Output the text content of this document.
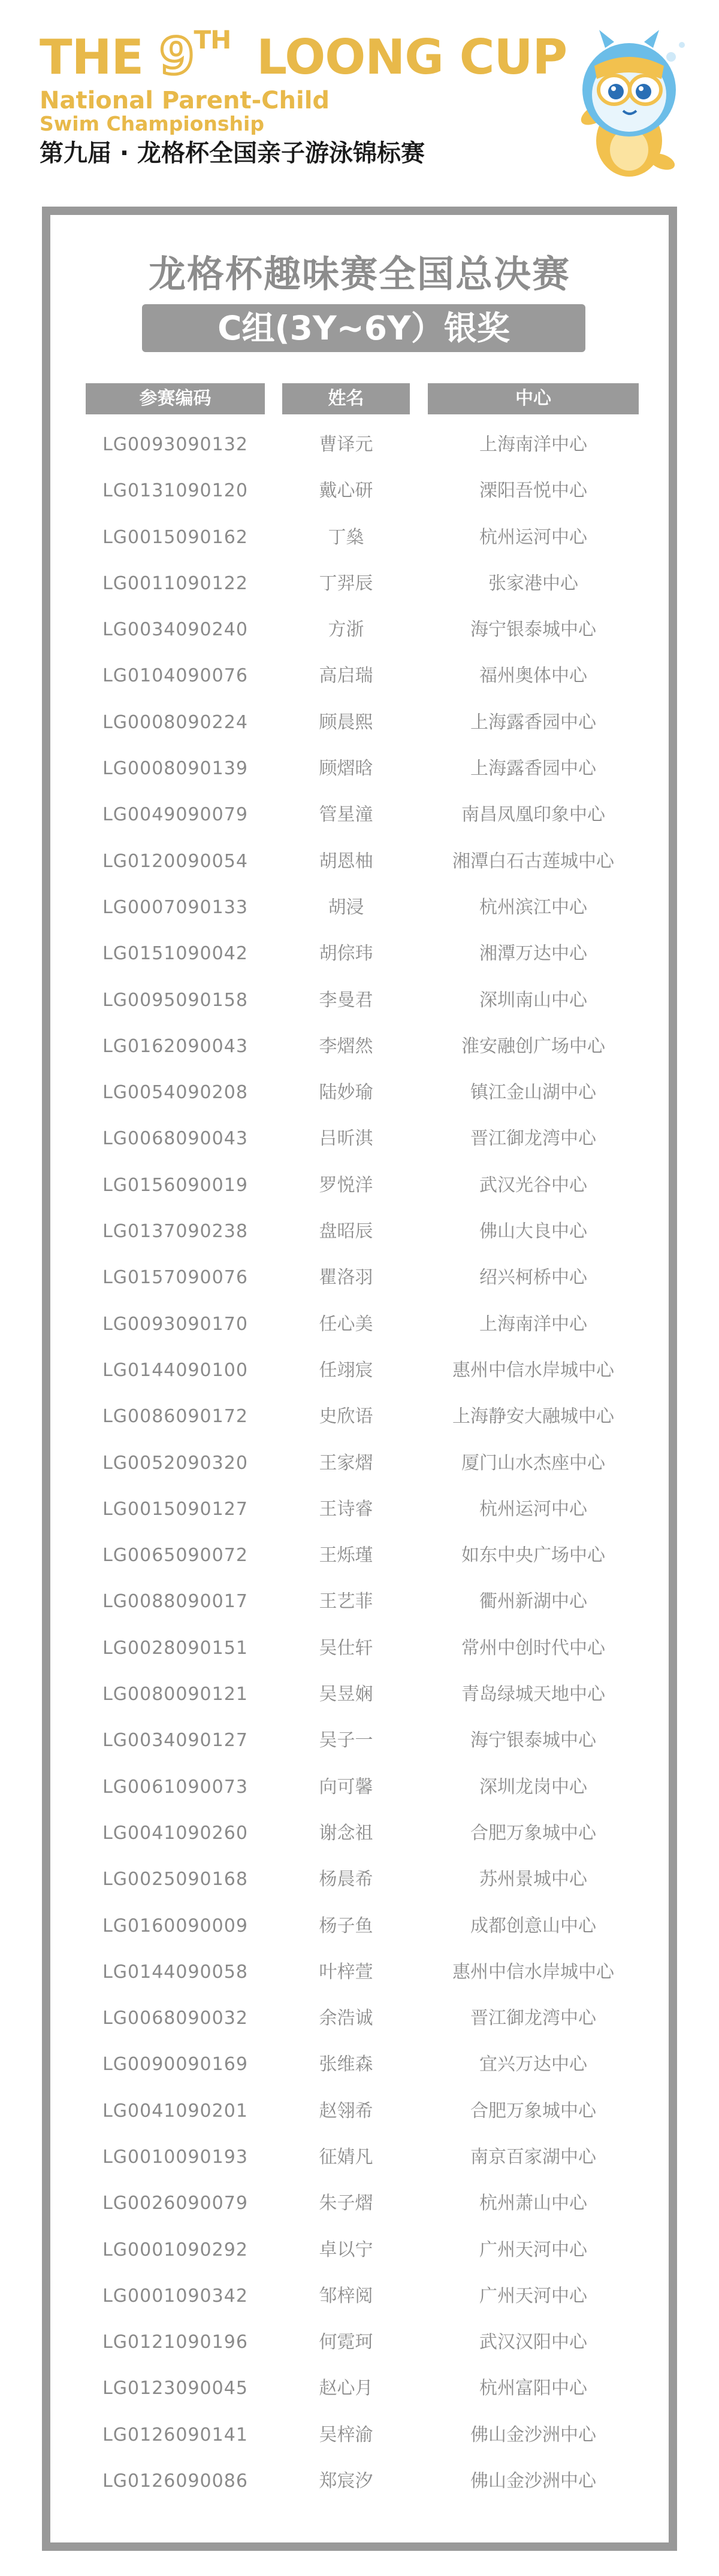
THE 9TH LOONG CUP
National Parent-Child
Swim Championship
第九届 · 龙格杯全国亲子游泳锦标赛
龙格杯趣味赛全国总决赛
C组(3Y~6Y）银奖
参赛编码	姓名	中心
LG0093090132	曹译元	上海南洋中心
LG0131090120	戴心研	溧阳吾悦中心
LG0015090162	丁燊	杭州运河中心
LG0011090122	丁羿辰	张家港中心
LG0034090240	方浙	海宁银泰城中心
LG0104090076	高启瑞	福州奥体中心
LG0008090224	顾晨熙	上海露香园中心
LG0008090139	顾熠晗	上海露香园中心
LG0049090079	管星潼	南昌凤凰印象中心
LG0120090054	胡恩柚	湘潭白石古莲城中心
LG0007090133	胡浸	杭州滨江中心
LG0151090042	胡倧玮	湘潭万达中心
LG0095090158	李曼君	深圳南山中心
LG0162090043	李熠然	淮安融创广场中心
LG0054090208	陆妙瑜	镇江金山湖中心
LG0068090043	吕昕淇	晋江御龙湾中心
LG0156090019	罗悦洋	武汉光谷中心
LG0137090238	盘昭辰	佛山大良中心
LG0157090076	瞿洛羽	绍兴柯桥中心
LG0093090170	任心美	上海南洋中心
LG0144090100	任翊宸	惠州中信水岸城中心
LG0086090172	史欣语	上海静安大融城中心
LG0052090320	王家熠	厦门山水杰座中心
LG0015090127	王诗睿	杭州运河中心
LG0065090072	王烁瑾	如东中央广场中心
LG0088090017	王艺菲	衢州新湖中心
LG0028090151	吴仕轩	常州中创时代中心
LG0080090121	吴昱娴	青岛绿城天地中心
LG0034090127	吴子一	海宁银泰城中心
LG0061090073	向可馨	深圳龙岗中心
LG0041090260	谢念祖	合肥万象城中心
LG0025090168	杨晨希	苏州景城中心
LG0160090009	杨子鱼	成都创意山中心
LG0144090058	叶梓萱	惠州中信水岸城中心
LG0068090032	余浩诚	晋江御龙湾中心
LG0090090169	张维森	宜兴万达中心
LG0041090201	赵翎希	合肥万象城中心
LG0010090193	征婧凡	南京百家湖中心
LG0026090079	朱子熠	杭州萧山中心
LG0001090292	卓以宁	广州天河中心
LG0001090342	邹梓阅	广州天河中心
LG0121090196	何霓珂	武汉汉阳中心
LG0123090045	赵心月	杭州富阳中心
LG0126090141	吴梓渝	佛山金沙洲中心
LG0126090086	郑宸汐	佛山金沙洲中心
